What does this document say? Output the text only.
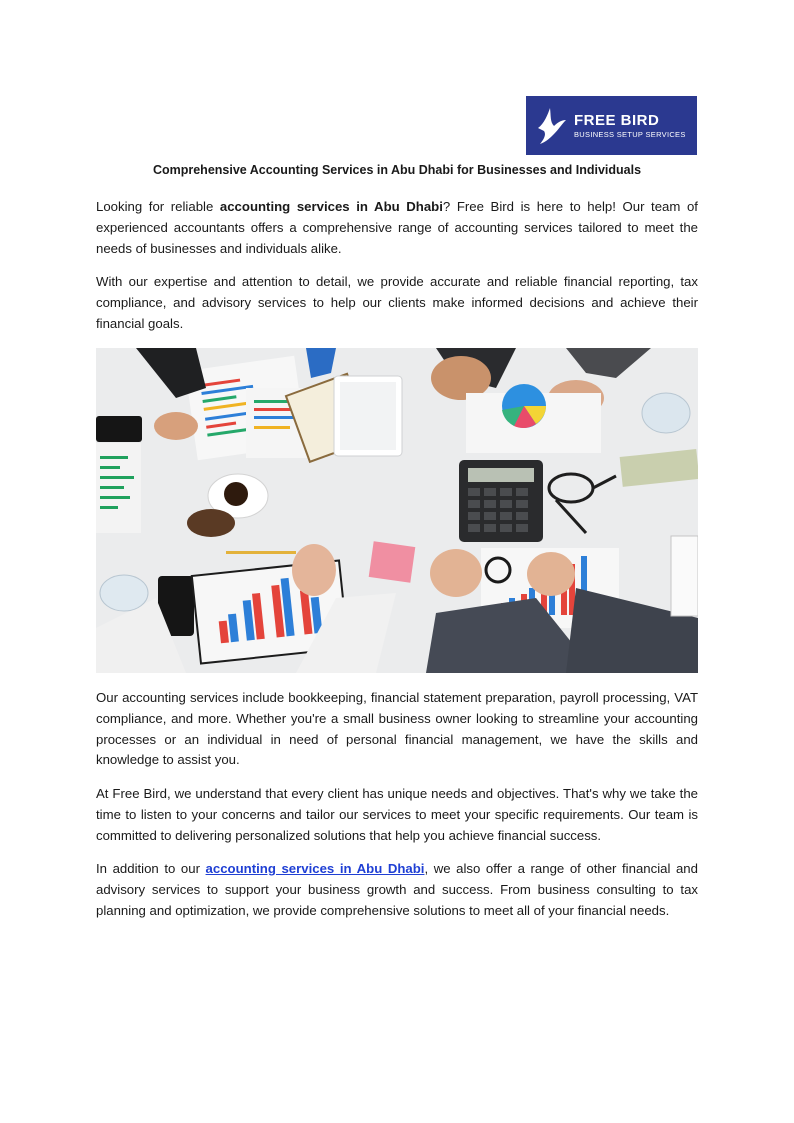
FREE BIRD
BUSINESS SETUP SERVICES
Comprehensive Accounting Services in Abu Dhabi for Businesses and Individuals

Looking for reliable accounting services in Abu Dhabi? Free Bird is here to help! Our team of experienced accountants offers a comprehensive range of accounting services tailored to meet the needs of businesses and individuals alike.

With our expertise and attention to detail, we provide accurate and reliable financial reporting, tax compliance, and advisory services to help our clients make informed decisions and achieve their financial goals.

Our accounting services include bookkeeping, financial statement preparation, payroll processing, VAT compliance, and more. Whether you're a small business owner looking to streamline your accounting processes or an individual in need of personal financial management, we have the skills and knowledge to assist you.

At Free Bird, we understand that every client has unique needs and objectives. That's why we take the time to listen to your concerns and tailor our services to meet your specific requirements. Our team is committed to delivering personalized solutions that help you achieve financial success.

In addition to our accounting services in Abu Dhabi, we also offer a range of other financial and advisory services to support your business growth and success. From business consulting to tax planning and optimization, we provide comprehensive solutions to meet all of your financial needs.
